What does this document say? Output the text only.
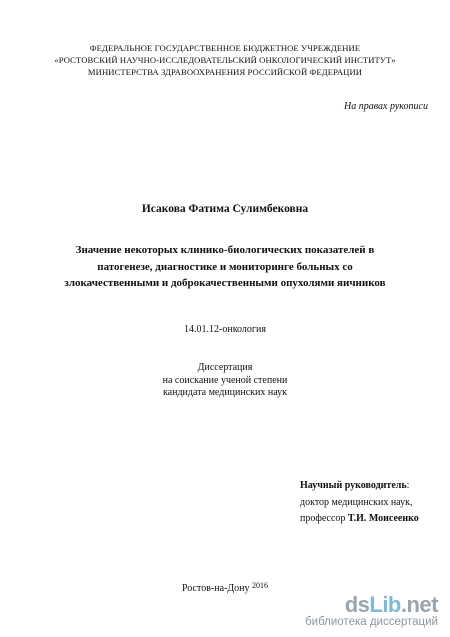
ФЕДЕРАЛЬНОЕ ГОСУДАРСТВЕННОЕ БЮДЖЕТНОЕ УЧРЕЖДЕНИЕ
«РОСТОВСКИЙ НАУЧНО-ИССЛЕДОВАТЕЛЬСКИЙ ОНКОЛОГИЧЕСКИЙ ИНСТИТУТ»
МИНИСТЕРСТВА ЗДРАВООХРАНЕНИЯ РОССИЙСКОЙ ФЕДЕРАЦИИ
На правах рукописи
Исакова Фатима Сулимбековна
Значение некоторых клинико-биологических показателей в
патогенезе, диагностике и мониторинге больных со
злокачественными и доброкачественными опухолями яичников
14.01.12-онкология
Диссертация
на соискание ученой степени
кандидата медицинских наук
Научный руководитель:
доктор медицинских наук,
профессор Т.И. Моисеенко
Ростов-на-Дону $^{2016}$
dsLib.net
библиотека диссертаций
